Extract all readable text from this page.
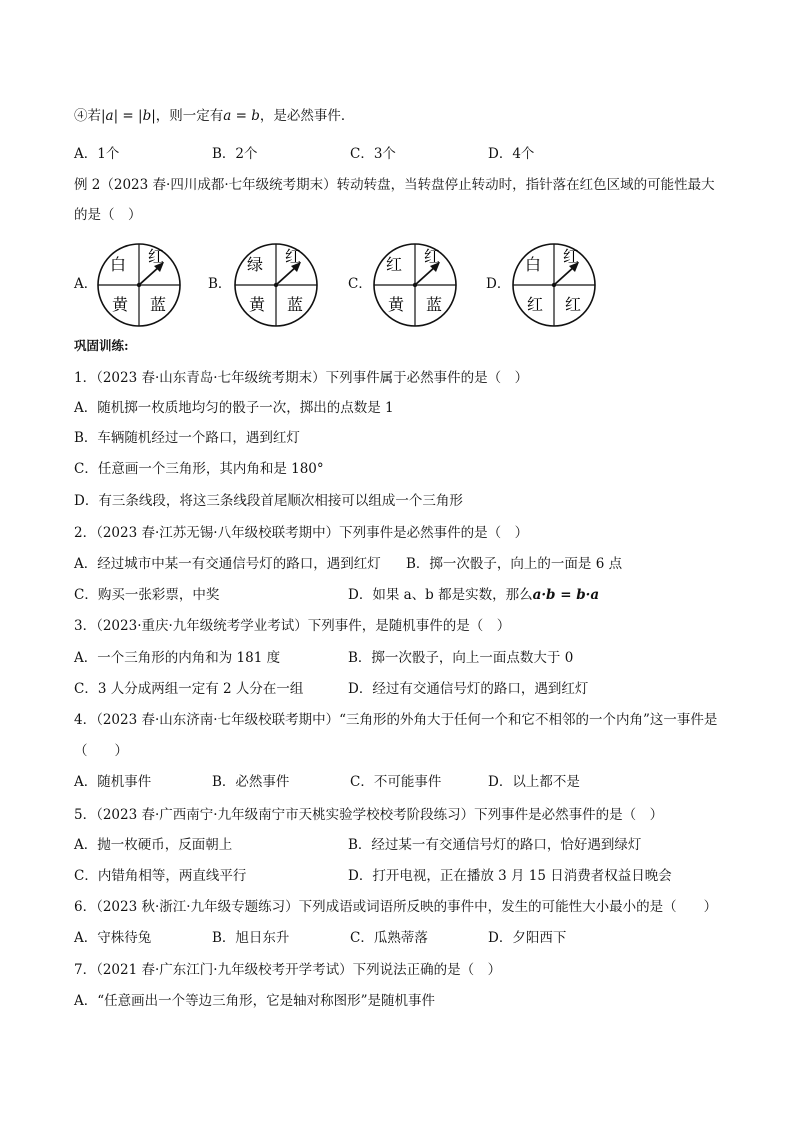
④若|a| = |b|，则一定有a = b，是必然事件．
A．1个	B．2个	C．3个	D．4个
例 2（2023 春·四川成都·七年级统考期末）转动转盘，当转盘停止转动时，指针落在红色区域的可能性最大
的是（　）
A．
白 红
黄 蓝
B．
绿 红
黄 蓝
C．
红 红
黄 蓝
D．
白 红
红 红
巩固训练:
1．（2023 春·山东青岛·七年级统考期末）下列事件属于必然事件的是（　）
A．随机掷一枚质地均匀的骰子一次，掷出的点数是 1
B．车辆随机经过一个路口，遇到红灯
C．任意画一个三角形，其内角和是 180°
D．有三条线段，将这三条线段首尾顺次相接可以组成一个三角形
2．（2023 春·江苏无锡·八年级校联考期中）下列事件是必然事件的是（　）
A．经过城市中某一有交通信号灯的路口，遇到红灯 B．掷一次骰子，向上的一面是 6 点
C．购买一张彩票，中奖	D．如果 a、b 都是实数，那么a·b = b·a
3．（2023·重庆·九年级统考学业考试）下列事件，是随机事件的是（　）
A．一个三角形的内角和为 181 度	B．掷一次骰子，向上一面点数大于 0
C．3 人分成两组一定有 2 人分在一组	D．经过有交通信号灯的路口，遇到红灯
4．（2023 春·山东济南·七年级校联考期中）“三角形的外角大于任何一个和它不相邻的一个内角”这一事件是
（　　）
A．随机事件	B．必然事件	C．不可能事件	D．以上都不是
5．（2023 春·广西南宁·九年级南宁市天桃实验学校校考阶段练习）下列事件是必然事件的是（　）
A．抛一枚硬币，反面朝上	B．经过某一有交通信号灯的路口，恰好遇到绿灯
C．内错角相等，两直线平行	D．打开电视，正在播放 3 月 15 日消费者权益日晚会
6．（2023 秋·浙江·九年级专题练习）下列成语或词语所反映的事件中，发生的可能性大小最小的是（　　）
A．守株待兔	B．旭日东升	C．瓜熟蒂落	D．夕阳西下
7．（2021 春·广东江门·九年级校考开学考试）下列说法正确的是（　）
A．“任意画出一个等边三角形，它是轴对称图形”是随机事件
